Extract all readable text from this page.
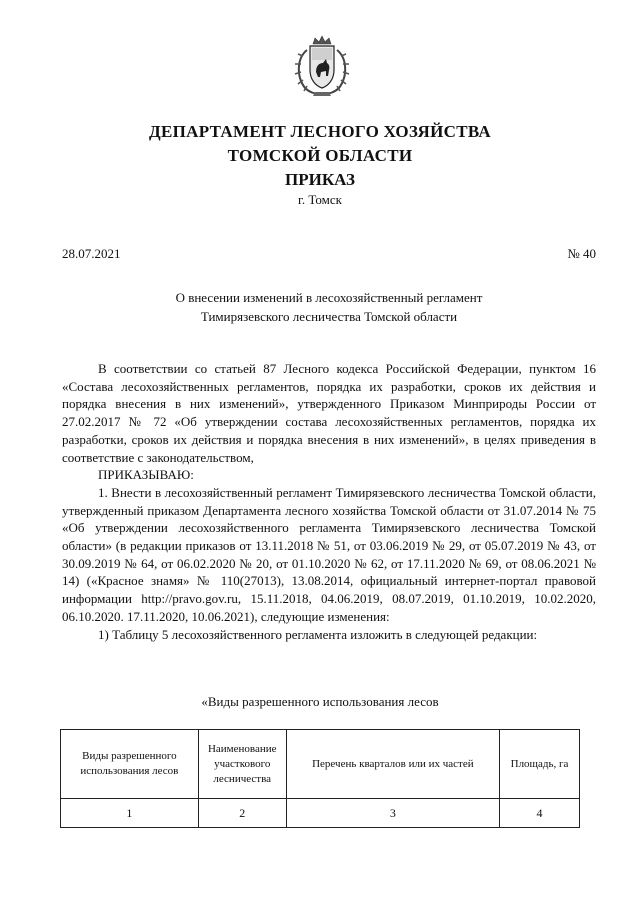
ДЕПАРТАМЕНТ ЛЕСНОГО ХОЗЯЙСТВА
ТОМСКОЙ ОБЛАСТИ
ПРИКАЗ
г. Томск
28.07.2021	№ 40
О внесении изменений в лесохозяйственный регламент
Тимирязевского лесничества Томской области

В соответствии со статьей 87 Лесного кодекса Российской Федерации, пунктом 16 «Состава лесохозяйственных регламентов, порядка их разработки, сроков их действия и порядка внесения в них изменений», утвержденного Приказом Минприроды России от 27.02.2017 № 72 «Об утверждении состава лесохозяйственных регламентов, порядка их разработки, сроков их действия и порядка внесения в них изменений», в целях приведения в соответствие с законодательством,

ПРИКАЗЫВАЮ:

1. Внести в лесохозяйственный регламент Тимирязевского лесничества Томской области, утвержденный приказом Департамента лесного хозяйства Томской области от 31.07.2014 № 75 «Об утверждении лесохозяйственного регламента Тимирязевского лесничества Томской области» (в редакции приказов от 13.11.2018 № 51, от 03.06.2019 № 29, от 05.07.2019 № 43, от 30.09.2019 № 64, от 06.02.2020 № 20, от 01.10.2020 № 62, от 17.11.2020 № 69, от 08.06.2021 № 14) («Красное знамя» № 110(27013), 13.08.2014, официальный интернет-портал правовой информации http://pravo.gov.ru, 15.11.2018, 04.06.2019, 08.07.2019, 01.10.2019, 10.02.2020, 06.10.2020. 17.11.2020, 10.06.2021), следующие изменения:

1) Таблицу 5 лесохозяйственного регламента изложить в следующей редакции:

«Виды разрешенного использования лесов
Виды разрешенного использования лесов	Наименование участкового лесничества	Перечень кварталов или их частей	Площадь, га
1	2	3	4
